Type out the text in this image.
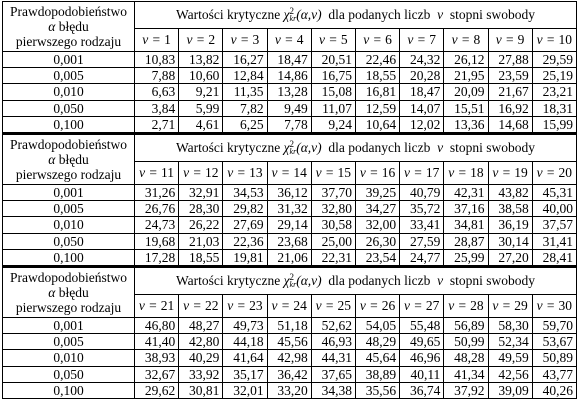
Prawdopodobieństwo
α błędu
pierwszego rodzaju	Wartości krytyczne χ 2
kr (α,ν)  dla podanych liczb  ν  stopni swobody									
	ν = 1	ν = 2	ν = 3	ν = 4	ν = 5	ν = 6	ν = 7	ν = 8	ν = 9	ν = 10
0,001	10,83	13,82	16,27	18,47	20,51	22,46	24,32	26,12	27,88	29,59
0,005	7,88	10,60	12,84	14,86	16,75	18,55	20,28	21,95	23,59	25,19
0,010	6,63	9,21	11,35	13,28	15,08	16,81	18,47	20,09	21,67	23,21
0,050	3,84	5,99	7,82	9,49	11,07	12,59	14,07	15,51	16,92	18,31
0,100	2,71	4,61	6,25	7,78	9,24	10,64	12,02	13,36	14,68	15,99
Prawdopodobieństwo
α błędu
pierwszego rodzaju	Wartości krytyczne χ 2
kr (α,ν)  dla podanych liczb  ν  stopni swobody									
	ν = 11	ν = 12	ν = 13	ν = 14	ν = 15	ν = 16	ν = 17	ν = 18	ν = 19	ν = 20
0,001	31,26	32,91	34,53	36,12	37,70	39,25	40,79	42,31	43,82	45,31
0,005	26,76	28,30	29,82	31,32	32,80	34,27	35,72	37,16	38,58	40,00
0,010	24,73	26,22	27,69	29,14	30,58	32,00	33,41	34,81	36,19	37,57
0,050	19,68	21,03	22,36	23,68	25,00	26,30	27,59	28,87	30,14	31,41
0,100	17,28	18,55	19,81	21,06	22,31	23,54	24,77	25,99	27,20	28,41
Prawdopodobieństwo
α błędu
pierwszego rodzaju	Wartości krytyczne χ 2
kr (α,ν)  dla podanych liczb  ν  stopni swobody									
	ν = 21	ν = 22	ν = 23	ν = 24	ν = 25	ν = 26	ν = 27	ν = 28	ν = 29	ν = 30
0,001	46,80	48,27	49,73	51,18	52,62	54,05	55,48	56,89	58,30	59,70
0,005	41,40	42,80	44,18	45,56	46,93	48,29	49,65	50,99	52,34	53,67
0,010	38,93	40,29	41,64	42,98	44,31	45,64	46,96	48,28	49,59	50,89
0,050	32,67	33,92	35,17	36,42	37,65	38,89	40,11	41,34	42,56	43,77
0,100	29,62	30,81	32,01	33,20	34,38	35,56	36,74	37,92	39,09	40,26
